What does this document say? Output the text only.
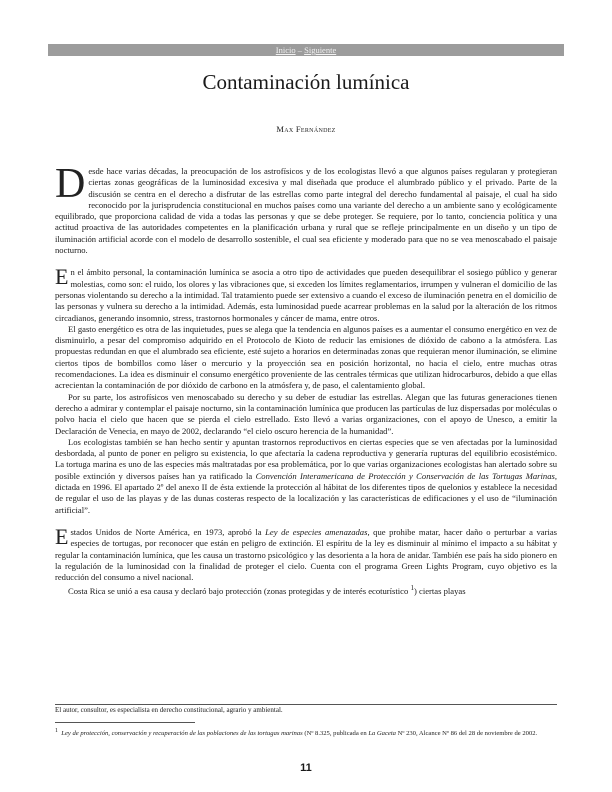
Inicio – Siguiente
Contaminación lumínica
Max Fernández

Desde hace varias décadas, la preocupación de los astrofísicos y de los ecologistas llevó a que algunos países regularan y protegieran ciertas zonas geográficas de la luminosidad excesiva y mal diseñada que produce el alumbrado público y el privado. Parte de la discusión se centra en el derecho a disfrutar de las estrellas como parte integral del derecho fundamental al paisaje, el cual ha sido reconocido por la jurisprudencia constitucional en muchos países como una variante del derecho a un ambiente sano y ecológicamente equilibrado, que proporciona calidad de vida a todas las personas y que se debe proteger. Se requiere, por lo tanto, conciencia política y una actitud proactiva de las autoridades competentes en la planificación urbana y rural que se refleje principalmente en un diseño y un tipo de iluminación artificial acorde con el modelo de desarrollo sostenible, el cual sea eficiente y moderado para que no se vea menoscabado el paisaje nocturno.

En el ámbito personal, la contaminación lumínica se asocia a otro tipo de actividades que pueden desequilibrar el sosiego público y generar molestias, como son: el ruido, los olores y las vibraciones que, si exceden los límites reglamentarios, irrumpen y vulneran el domicilio de las personas violentando su derecho a la intimidad. Tal tratamiento puede ser extensivo a cuando el exceso de iluminación penetra en el domicilio de las personas y vulnera su derecho a la intimidad. Además, esta luminosidad puede acarrear problemas en la salud por la alteración de los ritmos circadianos, generando insomnio, stress, trastornos hormonales y cáncer de mama, entre otros.

El gasto energético es otra de las inquietudes, pues se alega que la tendencia en algunos países es a aumentar el consumo energético en vez de disminuirlo, a pesar del compromiso adquirido en el Protocolo de Kioto de reducir las emisiones de dióxido de cabono a la atmósfera. Las propuestas redundan en que el alumbrado sea eficiente, esté sujeto a horarios en determinadas zonas que requieran menor iluminación, se elimine ciertos tipos de bombillos como láser o mercurio y la proyección sea en posición horizontal, no hacia el cielo, entre muchas otras recomendaciones. La idea es disminuir el consumo energético proveniente de las centrales térmicas que utilizan hidrocarburos, debido a que ellas acrecientan la contaminación de por dióxido de carbono en la atmósfera y, de paso, el calentamiento global.

Por su parte, los astrofísicos ven menoscabado su derecho y su deber de estudiar las estrellas. Alegan que las futuras generaciones tienen derecho a admirar y contemplar el paisaje nocturno, sin la contaminación lumínica que producen las partículas de luz dispersadas por moléculas o polvo hacia el cielo que hacen que se pierda el cielo estrellado. Esto llevó a varias organizaciones, con el apoyo de Unesco, a emitir la Declaración de Venecia, en mayo de 2002, declarando “el cielo oscuro herencia de la humanidad”.

Los ecologistas también se han hecho sentir y apuntan trastornos reproductivos en ciertas especies que se ven afectadas por la luminosidad desbordada, al punto de poner en peligro su existencia, lo que afectaría la cadena reproductiva y generaría rupturas del equilibrio ecosistémico. La tortuga marina es uno de las especies más maltratadas por esa problemática, por lo que varias organizaciones ecologistas han alertado sobre su posible extinción y diversos países han ya ratificado la Convención Interamericana de Protección y Conservación de las Tortugas Marinas, dictada en 1996. El apartado 2º del anexo II de ésta extiende la protección al hábitat de los diferentes tipos de quelonios y establece la necesidad de regular el uso de las playas y de las dunas costeras respecto de la localización y las características de edificaciones y el uso de “iluminación artificial”.

Estados Unidos de Norte América, en 1973, aprobó la Ley de especies amenazadas, que prohibe matar, hacer daño o perturbar a varias especies de tortugas, por reconocer que están en peligro de extinción. El espíritu de la ley es disminuir al mínimo el impacto a su hábitat y regular la contaminación lumínica, que les causa un trastorno psicológico y las desorienta a la hora de anidar. También ese país ha sido pionero en la regulación de la luminosidad con la finalidad de proteger el cielo. Cuenta con el programa Green Lights Program, cuyo objetivo es la reducción del consumo a nivel nacional.

Costa Rica se unió a esa causa y declaró bajo protección (zonas protegidas y de interés ecoturístico $^1$) ciertas playas

El autor, consultor, es especialista en derecho constitucional, agrario y ambiental.
$^1$ Ley de protección, conservación y recuperación de las poblaciones de las tortugas marinas (Nº 8.325, publicada en La Gaceta Nº 230, Alcance Nº 86 del 28 de noviembre de 2002.
11
